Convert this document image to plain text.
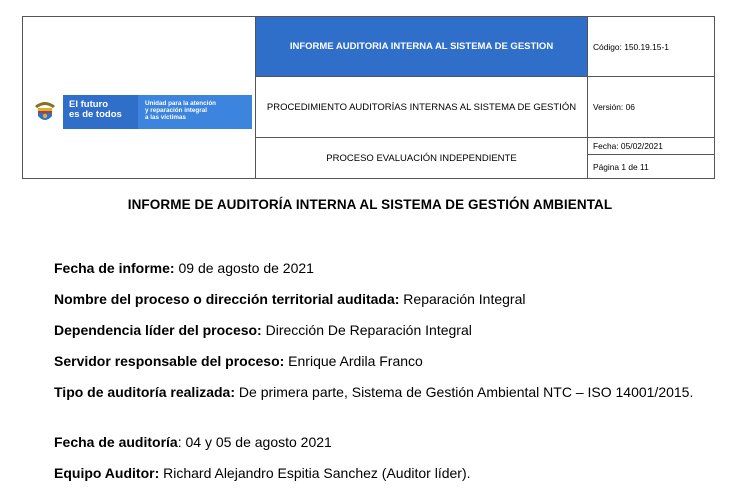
El futuro
es de todos
Unidad para la atención
y reparación integral
a las víctimas
INFORME AUDITORIA INTERNA AL SISTEMA DE GESTION
PROCEDIMIENTO AUDITORÍAS INTERNAS AL SISTEMA DE GESTIÓN
PROCESO EVALUACIÓN INDEPENDIENTE
Código: 150.19.15-1
Versión: 06
Fecha: 05/02/2021
Página 1 de 11
INFORME DE AUDITORÍA INTERNA AL SISTEMA DE GESTIÓN AMBIENTAL
Fecha de informe: 09 de agosto de 2021
Nombre del proceso o dirección territorial auditada: Reparación Integral
Dependencia líder del proceso: Dirección De Reparación Integral
Servidor responsable del proceso: Enrique Ardila Franco
Tipo de auditoría realizada: De primera parte, Sistema de Gestión Ambiental NTC – ISO 14001/2015.
Fecha de auditoría: 04 y 05 de agosto 2021
Equipo Auditor: Richard Alejandro Espitia Sanchez (Auditor líder).
